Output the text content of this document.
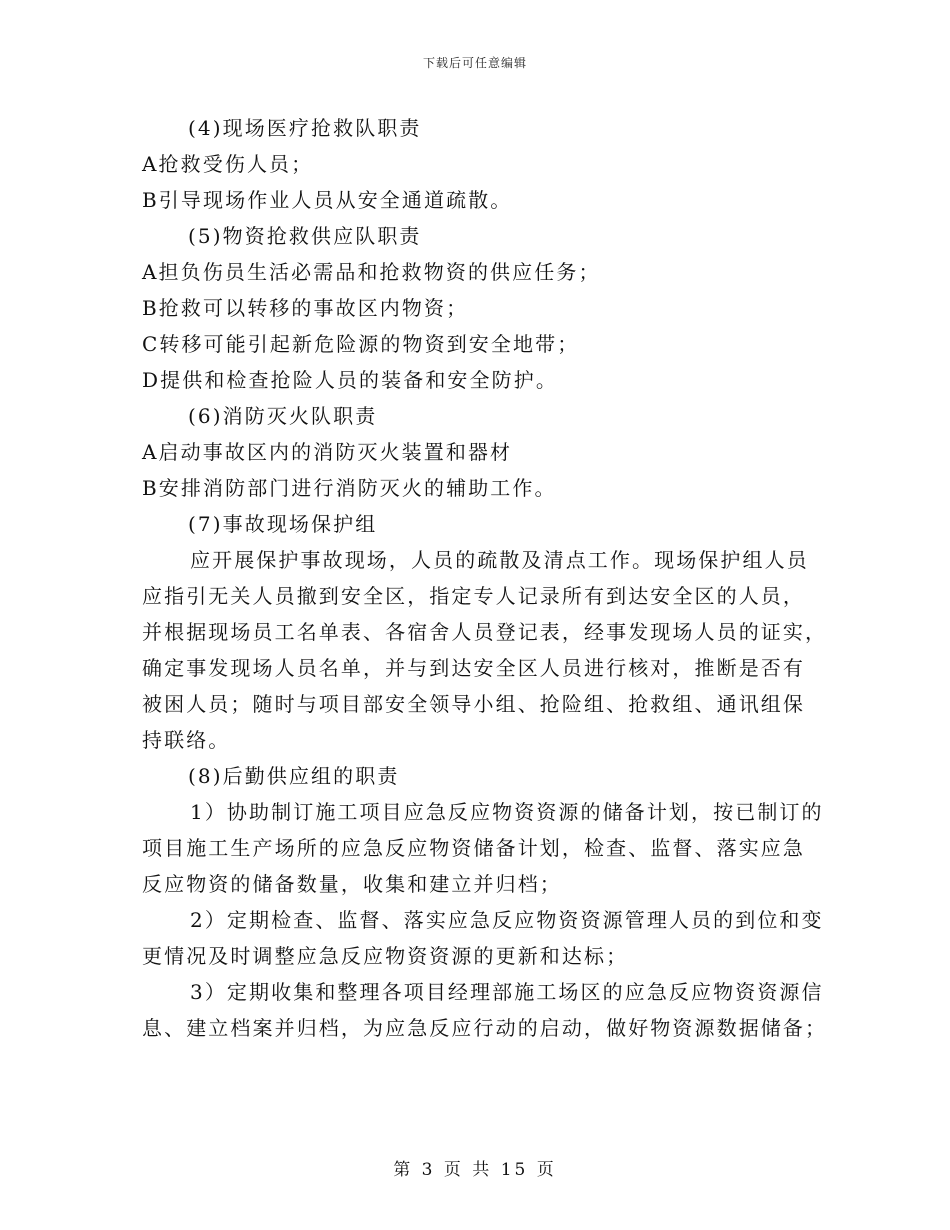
下载后可任意编辑
(4)现场医疗抢救队职责
A抢救受伤人员；
B引导现场作业人员从安全通道疏散。
(5)物资抢救供应队职责
A担负伤员生活必需品和抢救物资的供应任务；
B抢救可以转移的事故区内物资；
C转移可能引起新危险源的物资到安全地带；
D提供和检查抢险人员的装备和安全防护。
(6)消防灭火队职责
A启动事故区内的消防灭火装置和器材
B安排消防部门进行消防灭火的辅助工作。
(7)事故现场保护组
应开展保护事故现场，人员的疏散及清点工作。现场保护组人员
应指引无关人员撤到安全区，指定专人记录所有到达安全区的人员，
并根据现场员工名单表、各宿舍人员登记表，经事发现场人员的证实，
确定事发现场人员名单，并与到达安全区人员进行核对，推断是否有
被困人员；随时与项目部安全领导小组、抢险组、抢救组、通讯组保
持联络。
(8)后勤供应组的职责
1）协助制订施工项目应急反应物资资源的储备计划，按已制订的
项目施工生产场所的应急反应物资储备计划，检查、监督、落实应急
反应物资的储备数量，收集和建立并归档；
2）定期检查、监督、落实应急反应物资资源管理人员的到位和变
更情况及时调整应急反应物资资源的更新和达标；
3）定期收集和整理各项目经理部施工场区的应急反应物资资源信
息、建立档案并归档，为应急反应行动的启动，做好物资源数据储备；
第 3 页 共 15 页
